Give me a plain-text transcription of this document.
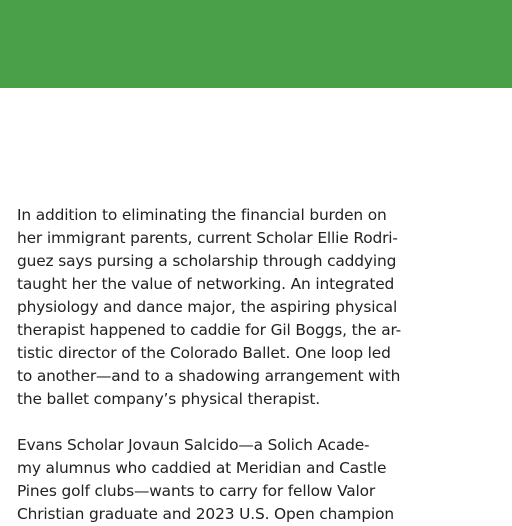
In addition to eliminating the financial burden on
her immigrant parents, current Scholar Ellie Rodri-
guez says pursing a scholarship through caddying
taught her the value of networking. An integrated
physiology and dance major, the aspiring physical
therapist happened to caddie for Gil Boggs, the ar-
tistic director of the Colorado Ballet. One loop led
to another—and to a shadowing arrangement with
the ballet company’s physical therapist.
Evans Scholar Jovaun Salcido—a Solich Acade-
my alumnus who caddied at Meridian and Castle
Pines golf clubs—wants to carry for fellow Valor
Christian graduate and 2023 U.S. Open champion
